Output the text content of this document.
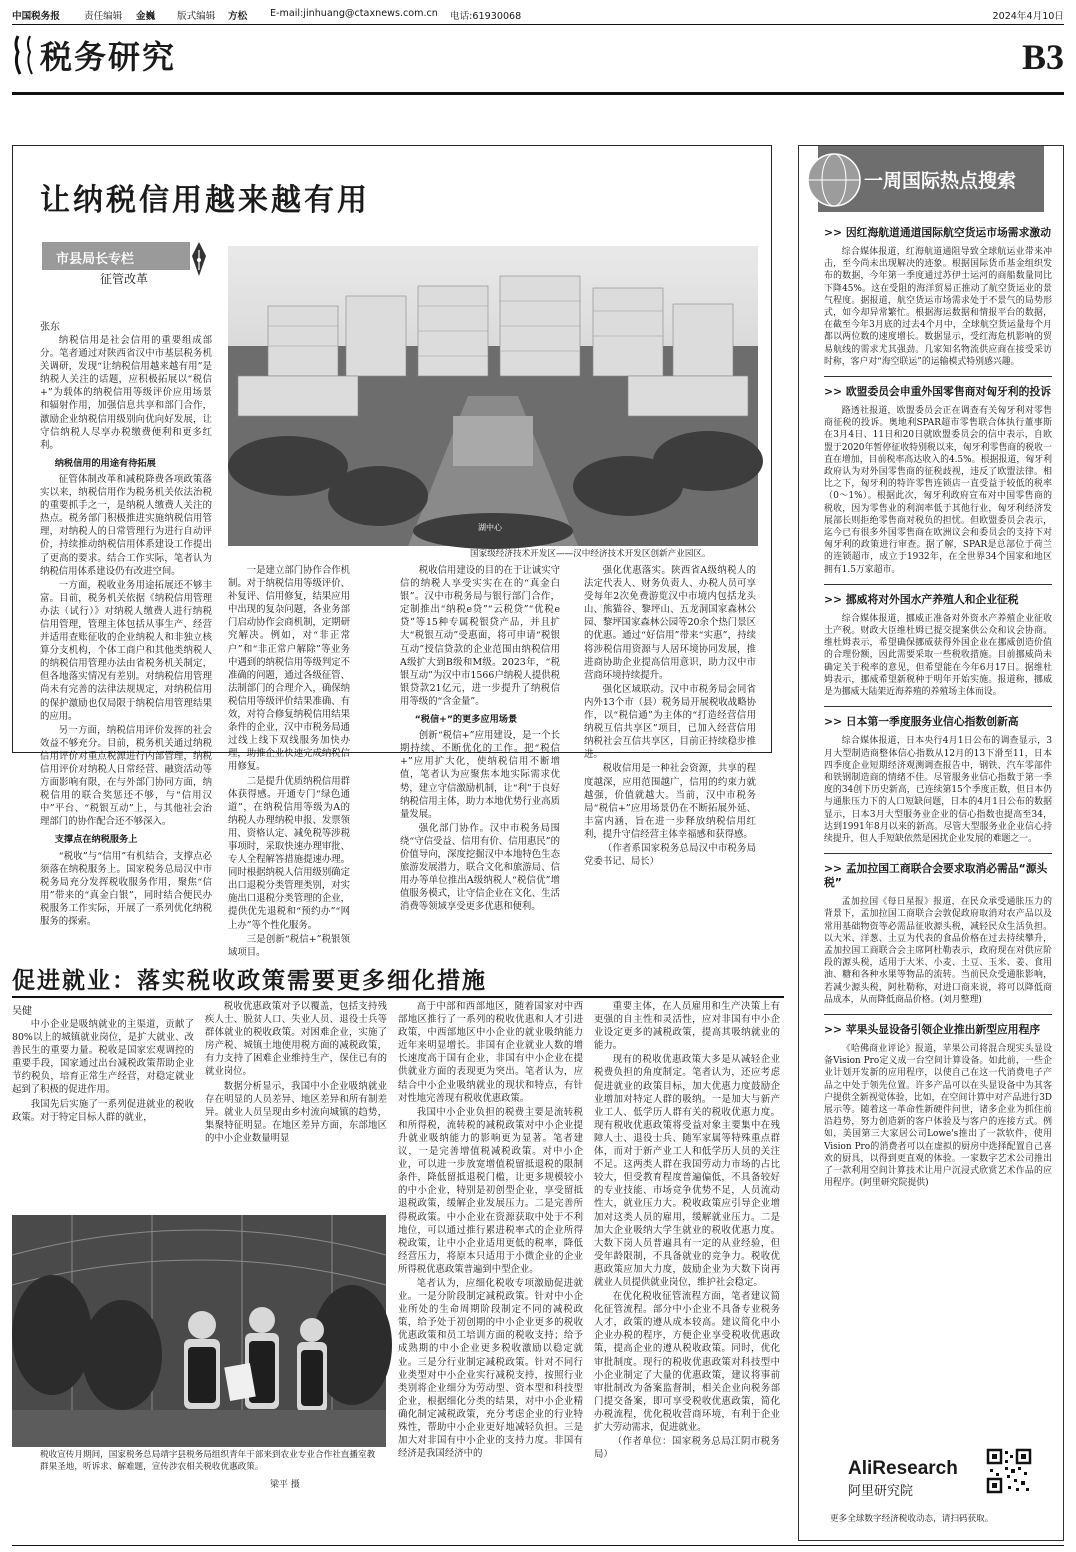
中国税务报	责任编辑 金巍 版式编辑 方松 E-mail:jinhuang@ctaxnews.com.cn 电话:61930068	2024年4月10日
税务研究	B3
让纳税信用越来越有用
市县局长专栏
征管改革
张东

纳税信用是社会信用的重要组成部分。笔者通过对陕西省汉中市基层税务机关调研，发现“让纳税信用越来越有用”是纳税人关注的话题，应积极拓展以“税信+”为载体的纳税信用等级评价应用场景和辐射作用，加强信息共享和部门合作，激励企业纳税信用级别向优向好发展，让守信纳税人尽享办税缴费便利和更多红利。

纳税信用的用途有待拓展

征管体制改革和减税降费各项政策落实以来，纳税信用作为税务机关依法治税的重要抓手之一，是纳税人缴费人关注的热点。税务部门积极推进实施纳税信用管理，对纳税人的日常管理行为进行自动评价，持续推动纳税信用体系建设工作提出了更高的要求。结合工作实际，笔者认为纳税信用体系建设仍有改进空间。

一方面，税收业务用途拓展还不够丰富。目前，税务机关依据《纳税信用管理办法（试行）》对纳税人缴费人进行纳税信用管理，管理主体包括从事生产、经营并适用查账征收的企业纳税人和非独立核算分支机构，个体工商户和其他类纳税人的纳税信用管理办法由省税务机关制定，但各地落实情况有差别。对纳税信用管理尚未有完善的法律法规规定，对纳税信用的保护激励也仅局限于纳税信用管理结果的应用。

另一方面，纳税信用评价发挥的社会效益不够充分。目前，税务机关通过纳税信用评价对重点税源进行内部管理，纳税信用评价对纳税人日常经营、融资活动等方面影响有限，在与外部门协同方面，纳税信用的联合奖惩还不够，与“信用汉中”平台、“税银互动”上，与其他社会治理部门的协作配合还不够深入。

支撑点在纳税服务上

“税收”与“信用”有机结合，支撑点必须落在纳税服务上。国家税务总局汉中市税务局充分发挥税收服务作用，聚焦“信用”带来的“真金白银”，同时结合便民办税服务工作实际，开展了一系列优化纳税服务的探索。

湖中心
国家级经济技术开发区——汉中经济技术开发区创新产业园区。

一是建立部门协作合作机制。对于纳税信用等级评价、补复评、信用修复，结果应用中出现的复杂问题，各业务部门启动协作会商机制，定期研究解决。例如，对“非正常户”和“非正常户解除”等业务中遇到的纳税信用等级判定不准确的问题，通过各级征管、法制部门的合理介入，确保纳税信用等级评价结果准确、有效，对符合修复纳税信用结果条件的企业，汉中市税务局通过线上线下双线服务加快办理，助推企业快速完成纳税信用修复。

二是提升优质纳税信用群体获得感。开通专门“绿色通道”，在纳税信用等级为A的纳税人办理纳税申报、发票领用、资格认定、减免税等涉税事项时，采取快速办理审批、专人全程解答措施提速办理。同时根据纳税人信用级别确定出口退税分类管理类别，对实施出口退税分类管理的企业，提供优先退税和“预约办”“网上办”等个性化服务。

三是创新“税信+”税银领域项目。

税收信用建设的目的在于让诚实守信的纳税人享受实实在在的“真金白银”。汉中市税务局与银行部门合作，定制推出“纳税e贷”“云税贷”“优税e贷”等15种专属税银贷产品，并且扩大“税银互动”受惠面，将可申请“税银互动”授信贷款的企业范围由纳税信用A级扩大到B级和M级。2023年，“税银互动”为汉中市1566户纳税人提供税银贷款21亿元，进一步提升了纳税信用等级的“含金量”。

“税信+”的更多应用场景

创新“税信+”应用建设，是一个长期持续、不断优化的工作。把“税信+”应用扩大化，使纳税信用不断增值，笔者认为应聚焦本地实际需求优势，建立守信激励机制，让“利”于良好纳税信用主体，助力本地优势行业高质量发展。

强化部门协作。汉中市税务局围绕“守信受益、信用有价、信用惠民”的价值导向，深度挖掘汉中本地特色生态旅游发展潜力，联合文化和旅游局、信用办等单位推出A级纳税人“税信优”增值服务模式，让守信企业在文化、生活消费等领域享受更多优惠和便利。

强化优惠落实。陕西省A级纳税人的法定代表人、财务负责人、办税人员可享受每年2次免费游览汉中市境内包括龙头山、熊猫谷、黎坪山、五龙洞国家森林公园、黎坪国家森林公园等20余个热门景区的优惠。通过“好信用”带来“实惠”，持续将涉税信用资源与人居环境协同发展，推进商协助企业提高信用意识，助力汉中市营商环境持续提升。

强化区域联动。汉中市税务局会同省内外13个市（县）税务局开展税收战略协作，以“税信通”为主体的“打造经营信用纳税互信共享区”项目，已加入经营信用纳税社会互信共享区，目前正持续稳步推进。

税收信用是一种社会资源，共享的程度越深，应用范围越广，信用的约束力就越强，价值就越大。当前，汉中市税务局“税信+”应用场景仍在不断拓展外延、丰富内涵，旨在进一步释放纳税信用红利，提升守信经营主体幸福感和获得感。

（作者系国家税务总局汉中市税务局党委书记、局长）

促进就业：落实税收政策需要更多细化措施
吴健

中小企业是吸纳就业的主渠道，贡献了80%以上的城镇就业岗位，是扩大就业、改善民生的重要力量。税收是国家宏观调控的重要手段，国家通过出台减税政策帮助企业节约税负，培育正常生产经营，对稳定就业起到了积极的促进作用。

我国先后实施了一系列促进就业的税收政策。对于特定目标人群的就业，

税收优惠政策对予以覆盖，包括支持残疾人士、脱贫人口、失业人员、退役士兵等群体就业的税收政策。对困难企业，实施了房产税、城镇土地使用税方面的减税政策，有力支持了困难企业维持生产，保住已有的就业岗位。

数据分析显示，我国中小企业吸纳就业存在明显的人员差异、地区差异和所有制差异。就业人员呈现由乡村流向城镇的趋势，集聚特征明显。在地区差异方面，东部地区的中小企业数量明显

税收宣传月期间，国家税务总局靖宇县税务局组织青年干部来到农业专业合作社直播室教群果圣地，听诉求、解难题，宣传涉农相关税收优惠政策。
梁平 摄

高于中部和西部地区，随着国家对中西部地区推行了一系列的税收优惠和人才引进政策，中西部地区中小企业的就业吸纳能力近年来明显增长。非国有企业就业人数的增长速度高于国有企业，非国有中小企业在提供就业方面的表现更为突出。笔者认为，应结合中小企业吸纳就业的现状和特点，有针对性地完善现有税收优惠政策。

我国中小企业负担的税费主要是流转税和所得税，流转税的减税政策对中小企业提升就业吸纳能力的影响更为显著。笔者建议，一是完善增值税减税政策。对中小企业，可以进一步放宽增值税留抵退税的限制条件，降低留抵退税门槛，让更多规模较小的中小企业，特别是初创型企业，享受留抵退税政策，缓解企业发展压力。二是完善所得税政策。中小企业在资源获取中处于不利地位，可以通过推行累进税率式的企业所得税政策，让中小企业适用更低的税率，降低经营压力，将原本只适用于小微企业的企业所得税优惠政策普遍到中型企业。

笔者认为，应细化税收专项激励促进就业。一是分阶段制定减税政策。针对中小企业所处的生命周期阶段制定不同的减税政策，给予处于初创期的中小企业更多的税收优惠政策和员工培训方面的税收支持；给予成熟期的中小企业更多税收激励以稳定就业。三是分行业制定减税政策。针对不同行业类型对中小企业实行减税支持，按照行业类别将企业细分为劳动型、资本型和科技型企业，根据细化分类的结果，对中小企业精确化制定减税政策，充分考虑企业的行业特殊性，帮助中小企业更好地减轻负担。三是加大对非国有中小企业的支持力度。非国有经济是我国经济中的

重要主体，在人员雇用和生产决策上有更强的自主性和灵活性，应对非国有中小企业设定更多的减税政策，提高其吸纳就业的能力。

现有的税收优惠政策大多是从减轻企业税费负担的角度制定。笔者认为，还应考虑促进就业的政策目标，加大优惠力度鼓励企业增加对特定人群的吸纳。一是加大与新产业工人、低学历人群有关的税收优惠力度。现有税收优惠政策将受益对象主要集中在残障人士、退役士兵、随军家属等特殊重点群体，而对于新产业工人和低学历人员的关注不足。这两类人群在我国劳动力市场的占比较大，但受教育程度普遍偏低，不具备较好的专业技能、市场竞争优势不足，人员流动性大，就业压力大。税收政策应引导企业增加对这类人员的雇用，缓解就业压力。二是加大企业吸纳大学生就业的税收优惠力度。大数下岗人员普遍具有一定的从业经验，但受年龄限制，不具备就业的竞争力。税收优惠政策应加大力度，鼓励企业为大数下岗再就业人员提供就业岗位，维护社会稳定。

在优化税收征管流程方面，笔者建议简化征管流程。部分中小企业不具备专业税务人才，政策的遵从成本较高。建议简化中小企业办税的程序，方便企业享受税收优惠政策，提高企业的遵从税收政策。同时，优化审批制度。现行的税收优惠政策对科技型中小企业制定了大量的优惠政策，建议将事前审批制改为备案监督制，相关企业向税务部门提交备案，即可享受税收优惠政策，简化办税流程，优化税收营商环境，有利于企业扩大劳动需求，促进就业。

（作者单位：国家税务总局江阴市税务局）

一周国际热点搜索
>> 因红海航道通道国际航空货运市场需求激动
综合媒体报道，红海航道通阻导致全球航运业带来冲击，至今尚未出现解决的迹象。根据国际货币基金组织发布的数据，今年第一季度通过苏伊士运河的商船数量同比下降45%。这在受阻的海洋贸易正推动了航空货运业的景气程度。据报道，航空货运市场需求处于不景气的局势形式，如今却异常繁忙。根据海运数据和情报平台的数据，在截至今年3月底的过去4个月中，全球航空货运量每个月都以两位数的速度增长。数据显示，受红海危机影响的贸易航线的需求尤其强劲。几家知名物流供应商在接受采访时称，客户对“海空联运”的运输模式特别感兴趣。
>> 欧盟委员会申重外国零售商对匈牙利的投诉
路透社报道，欧盟委员会正在调查有关匈牙利对零售商征税的投诉。奥地利SPAR超市零售联合体执行董事斯在3月4日、11日和20日就欧盟委员会的信中表示，自欧盟于2020年暂停征收特别税以来，匈牙利零售商的税收一直在增加，目前税率高达收入的4.5%。根据报道，匈牙利政府认为对外国零售商的征税歧视，违反了欧盟法律。相比之下，匈牙利的特许零售连锁店一直受益于较低的税率（0～1%）。根据此次，匈牙利政府宣布对中国零售商的税收，因为零售业的利润率低于其他行业，匈牙利经济发展部长则拒绝零售商对税负的担忧。但欧盟委员会表示，迄今已有很多外国零售商在欧洲议会和委员会的支持下对匈牙利的政策进行审查。据了解，SPAR是总部位于荷兰的连锁超市，成立于1932年，在全世界34个国家和地区拥有1.5万家超市。
>> 挪威将对外国水产养殖人和企业征税
综合媒体报道，挪威正准备对外资水产养殖企业征收土产税。财政大臣维杜姆已提交提案供公众和议会协商。维杜姆表示，希望确保挪威获得外国企业在挪威创造价值的合理份额，因此需要采取一些税收措施。目前挪威尚未确定关于税率的意见，但希望能在今年6月17日。据维杜姆表示，挪威希望新税种于明年开始实施。报道称，挪威是为挪威大陆架近海养殖的养殖场主体而设。
>> 日本第一季度服务业信心指数创新高
综合媒体报道，日本央行4月1日公布的调查显示，3月大型制造商整体信心指数从12月的13下滑至11，日本四季度企业短期经济观测调查报告中，钢铁、汽车零部件和铁钢制造商的情绪不佳。尽管服务业信心指数于第一季度的34创下历史新高，已连续第15个季度正数，但日本仍与通胀压力下的人口短缺问题，日本的4月1日公布的数据显示，日本3月大型服务业企业的信心指数也提高至34，达到1991年8月以来的新高。尽管大型服务业企业信心持续提升，但人手短缺依然是困扰企业发展的难题之一。
>> 孟加拉国工商联合会要求取消必需品“源头税”
孟加拉国《每日星报》报道，在民众承受通胀压力的背景下，孟加拉国工商联合会敦促政府取消对农产品以及常用基础物资等必需品征收源头税，减轻民众生活负担。以大米、洋葱、土豆为代表的食品价格在过去持续攀升，孟加拉国工商联合会主席阿杜勒表示，政府现在对供应阶段的源头税，适用于大米、小麦、土豆、玉米、姜、食用油、糖和各种水果等物品的流转。当前民众受通胀影响，若减少源头税，阿杜勒称，对进口商来说，将可以降低商品成本，从而降低商品价格。(刘月整理)
>> 苹果头显设备引领企业推出新型应用程序
《哈佛商业评论》报道，苹果公司将混合现实头显设备Vision Pro定义成一台空间计算设备。如此前，一些企业计划开发新的应用程序，以使自己在这一代消费电子产品之中处于领先位置。许多产品可以在头显设备中为其客户提供全新视觉体验，比如，在空间计算中对产品进行3D展示等。随着这一革命性新硬件问世，诸多企业为抓住前沿趋势，努力创造新的客户体验及与客户的连接方式。例如，美国第三大家居公司Lowe's推出了一款软件，使用Vision Pro的消费者可以在虚拟的厨房中选择配置自己喜欢的厨具，以得到更直观的体验。一家数字艺术公司推出了一款利用空间计算技术让用户沉浸式欣赏艺术作品的应用程序。(阿里研究院提供)
AliResearch
阿里研究院
更多全球数字经济税收动态，请扫码获取。
